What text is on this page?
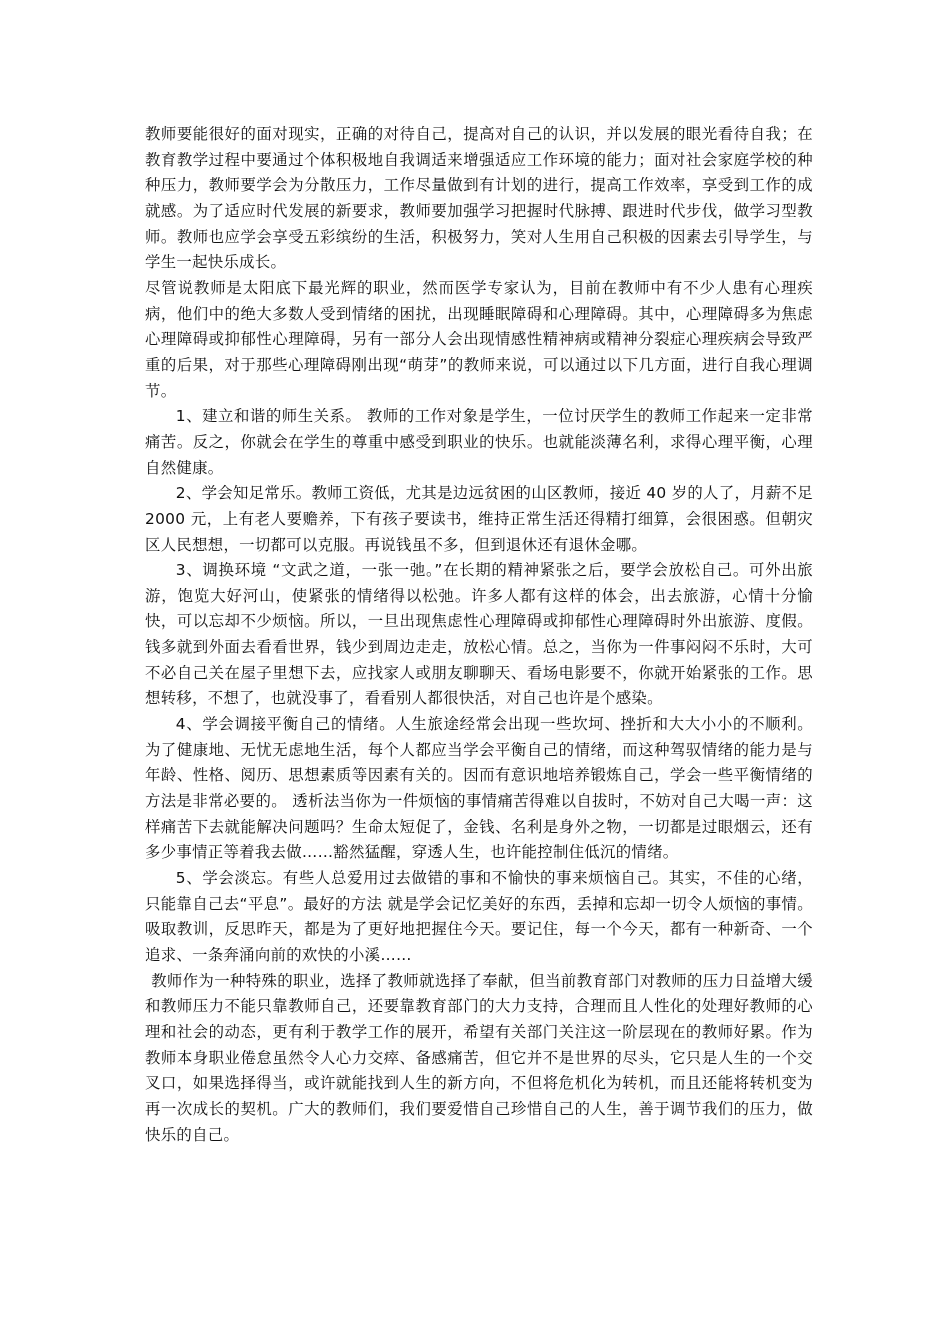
教师要能很好的面对现实，正确的对待自己，提高对自己的认识，并以发展的眼光看待自我；在教育教学过程中要通过个体积极地自我调适来增强适应工作环境的能力；面对社会家庭学校的种种压力，教师要学会为分散压力，工作尽量做到有计划的进行，提高工作效率，享受到工作的成就感。为了适应时代发展的新要求，教师要加强学习把握时代脉搏、跟进时代步伐，做学习型教师。教师也应学会享受五彩缤纷的生活，积极努力，笑对人生用自己积极的因素去引导学生，与学生一起快乐成长。

尽管说教师是太阳底下最光辉的职业，然而医学专家认为，目前在教师中有不少人患有心理疾病，他们中的绝大多数人受到情绪的困扰，出现睡眠障碍和心理障碍。其中，心理障碍多为焦虑心理障碍或抑郁性心理障碍，另有一部分人会出现情感性精神病或精神分裂症心理疾病会导致严重的后果，对于那些心理障碍刚出现“萌芽”的教师来说，可以通过以下几方面，进行自我心理调节。

1、建立和谐的师生关系。 教师的工作对象是学生，一位讨厌学生的教师工作起来一定非常痛苦。反之，你就会在学生的尊重中感受到职业的快乐。也就能淡薄名利，求得心理平衡，心理自然健康。

2、学会知足常乐。教师工资低，尤其是边远贫困的山区教师，接近 40 岁的人了，月薪不足 2000 元，上有老人要赡养，下有孩子要读书，维持正常生活还得精打细算，会很困惑。但朝灾区人民想想，一切都可以克服。再说钱虽不多，但到退休还有退休金哪。

3、调换环境 “文武之道，一张一弛。”在长期的精神紧张之后，要学会放松自己。可外出旅游，饱览大好河山，使紧张的情绪得以松弛。许多人都有这样的体会，出去旅游，心情十分愉快，可以忘却不少烦恼。所以，一旦出现焦虑性心理障碍或抑郁性心理障碍时外出旅游、度假。钱多就到外面去看看世界，钱少到周边走走，放松心情。总之，当你为一件事闷闷不乐时，大可不必自己关在屋子里想下去，应找家人或朋友聊聊天、看场电影要不，你就开始紧张的工作。思想转移，不想了，也就没事了，看看别人都很快活，对自己也许是个感染。

4、学会调接平衡自己的情绪。人生旅途经常会出现一些坎坷、挫折和大大小小的不顺利。为了健康地、无忧无虑地生活，每个人都应当学会平衡自己的情绪，而这种驾驭情绪的能力是与年龄、性格、阅历、思想素质等因素有关的。因而有意识地培养锻炼自己，学会一些平衡情绪的方法是非常必要的。 透析法当你为一件烦恼的事情痛苦得难以自拔时，不妨对自己大喝一声：这样痛苦下去就能解决问题吗？生命太短促了，金钱、名利是身外之物，一切都是过眼烟云，还有多少事情正等着我去做……豁然猛醒，穿透人生，也许能控制住低沉的情绪。

5、学会淡忘。有些人总爱用过去做错的事和不愉快的事来烦恼自己。其实，不佳的心绪，只能靠自己去“平息”。最好的方法 就是学会记忆美好的东西，丢掉和忘却一切令人烦恼的事情。吸取教训，反思昨天，都是为了更好地把握住今天。要记住，每一个今天，都有一种新奇、一个追求、一条奔涌向前的欢快的小溪……

教师作为一种特殊的职业，选择了教师就选择了奉献，但当前教育部门对教师的压力日益增大缓和教师压力不能只靠教师自己，还要靠教育部门的大力支持，合理而且人性化的处理好教师的心理和社会的动态，更有利于教学工作的展开，希望有关部门关注这一阶层现在的教师好累。作为教师本身职业倦怠虽然令人心力交瘁、备感痛苦，但它并不是世界的尽头，它只是人生的一个交叉口，如果选择得当，或许就能找到人生的新方向，不但将危机化为转机，而且还能将转机变为再一次成长的契机。广大的教师们，我们要爱惜自己珍惜自己的人生，善于调节我们的压力，做快乐的自己。
